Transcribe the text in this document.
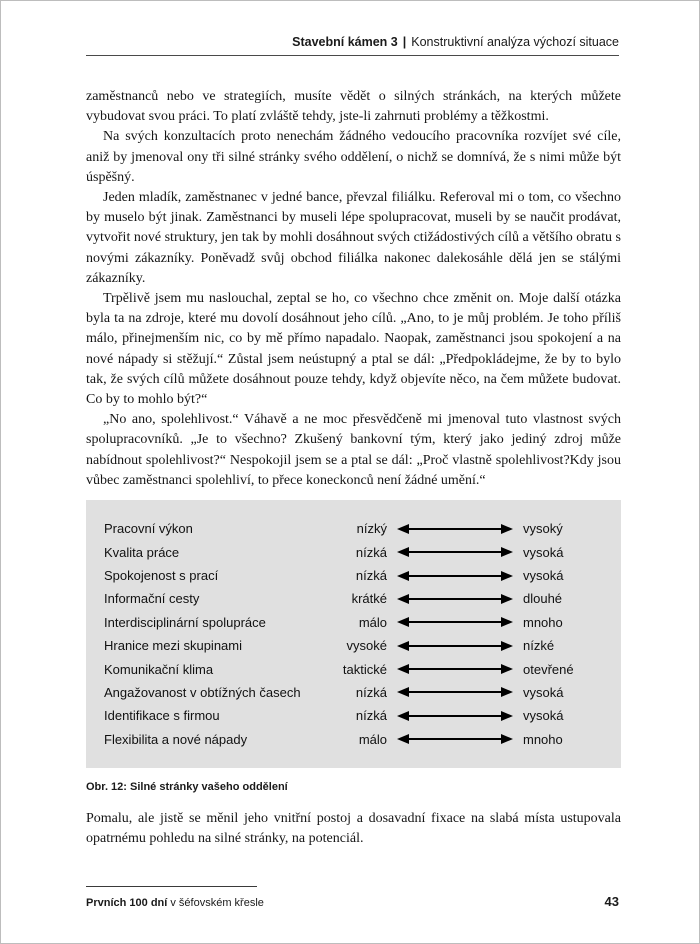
Stavební kámen 3 | Konstruktivní analýza výchozí situace

zaměstnanců nebo ve strategiích, musíte vědět o silných stránkách, na kterých můžete vybudovat svou práci. To platí zvláště tehdy, jste-li zahrnuti problémy a těžkostmi.

Na svých konzultacích proto nenechám žádného vedoucího pracovníka rozvíjet své cíle, aniž by jmenoval ony tři silné stránky svého oddělení, o nichž se domnívá, že s nimi může být úspěšný.

Jeden mladík, zaměstnanec v jedné bance, převzal filiálku. Referoval mi o tom, co všechno by muselo být jinak. Zaměstnanci by museli lépe spolupracovat, museli by se naučit prodávat, vytvořit nové struktury, jen tak by mohli dosáhnout svých ctižádostivých cílů a většího obratu s novými zákazníky. Poněvadž svůj obchod filiálka nakonec dalekosáhle dělá jen se stálými zákazníky.

Trpělivě jsem mu naslouchal, zeptal se ho, co všechno chce změnit on. Moje další otázka byla ta na zdroje, které mu dovolí dosáhnout jeho cílů. „Ano, to je můj problém. Je toho příliš málo, přinejmenším nic, co by mě přímo napadalo. Naopak, zaměstnanci jsou spokojení a na nové nápady si stěžují.“ Zůstal jsem neústupný a ptal se dál: „Předpokládejme, že by to bylo tak, že svých cílů můžete dosáhnout pouze tehdy, když objevíte něco, na čem můžete budovat. Co by to mohlo být?“

„No ano, spolehlivost.“ Váhavě a ne moc přesvědčeně mi jmenoval tuto vlastnost svých spolupracovníků. „Je to všechno? Zkušený bankovní tým, který jako jediný zdroj může nabídnout spolehlivost?“ Nespokojil jsem se a ptal se dál: „Proč vlastně spolehlivost?Kdy jsou vůbec zaměstnanci spolehliví, to přece koneckonců není žádné umění.“

Pracovní výkon	nízký	vysoký
Kvalita práce	nízká	vysoká
Spokojenost s prací	nízká	vysoká
Informační cesty	krátké	dlouhé
Interdisciplinární spolupráce	málo	mnoho
Hranice mezi skupinami	vysoké	nízké
Komunikační klima	taktické	otevřené
Angažovanost v obtížných časech	nízká	vysoká
Identifikace s firmou	nízká	vysoká
Flexibilita a nové nápady	málo	mnoho
Obr. 12: Silné stránky vašeho oddělení

Pomalu, ale jistě se měnil jeho vnitřní postoj a dosavadní fixace na slabá místa ustupovala opatrnému pohledu na silné stránky, na potenciál.

Prvních 100 dní v šéfovském křesle	43
